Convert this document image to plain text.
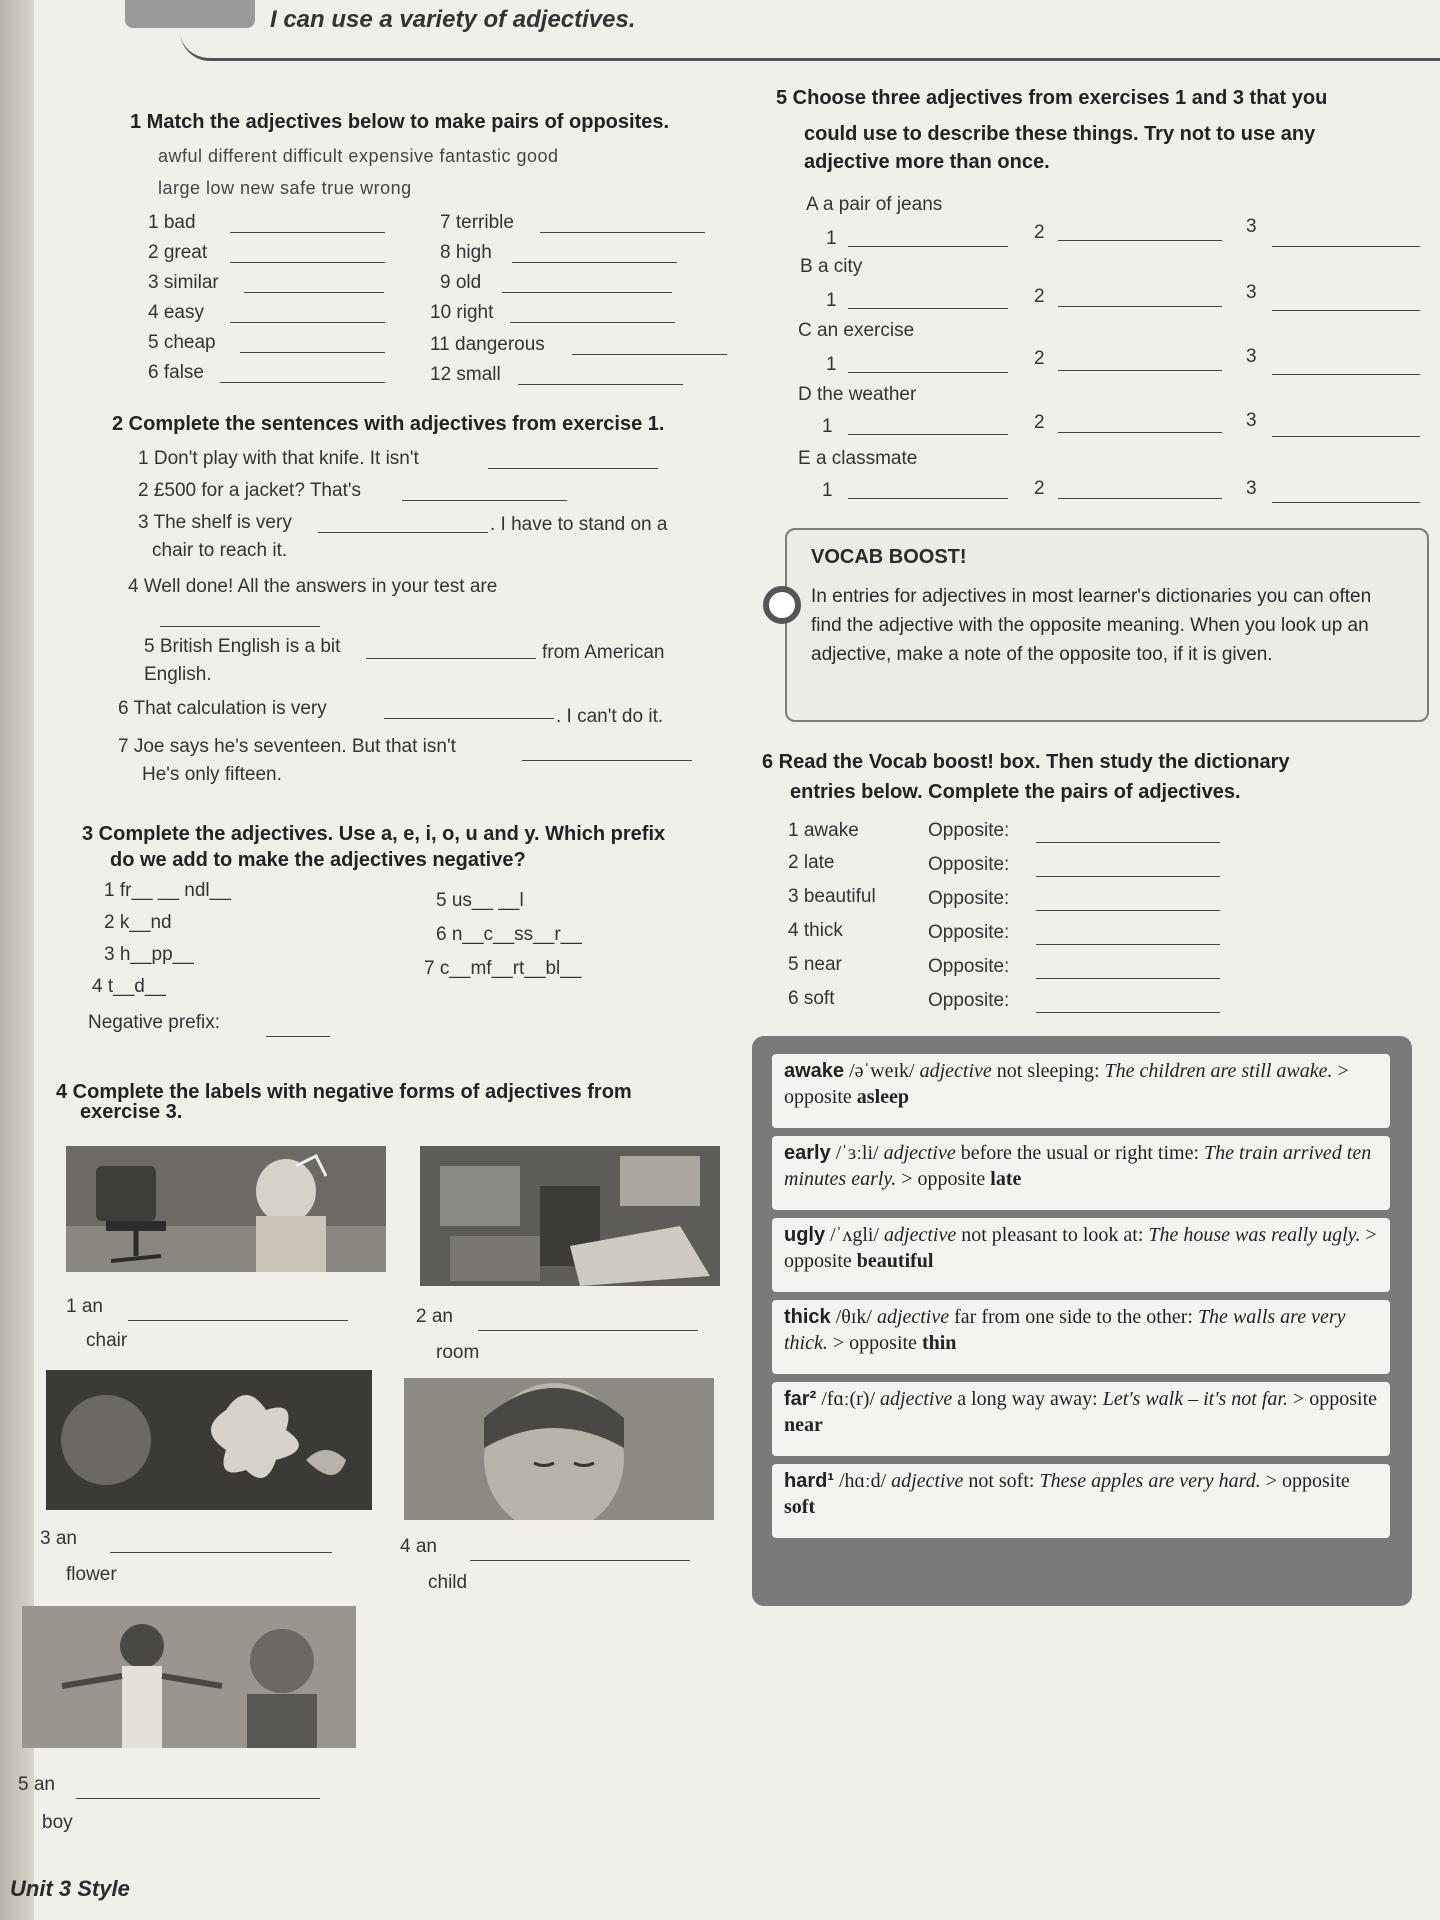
I can use a variety of adjectives.
1 Match the adjectives below to make pairs of opposites.
awful different difficult expensive fantastic good
large low new safe true wrong
1 bad
2 great
3 similar
4 easy
5 cheap
6 false
7 terrible
8 high
9 old
10 right
11 dangerous
12 small
2 Complete the sentences with adjectives from exercise 1.
1 Don't play with that knife. It isn't
2 £500 for a jacket? That's
3 The shelf is very	. I have to stand on a
chair to reach it.
4 Well done! All the answers in your test are
5 British English is a bit	from American
English.
6 That calculation is very	. I can't do it.
7 Joe says he's seventeen. But that isn't
He's only fifteen.
3 Complete the adjectives. Use a, e, i, o, u and y. Which prefix
do we add to make the adjectives negative?
1 fr__ __ ndl__
2 k__nd
3 h__pp__
4 t__d__
5 us__ __l
6 n__c__ss__r__
7 c__mf__rt__bl__
Negative prefix:
4 Complete the labels with negative forms of adjectives from
exercise 3.
1 an
chair
2 an
room
3 an
flower
4 an
child
5 an
boy
5 Choose three adjectives from exercises 1 and 3 that you
could use to describe these things. Try not to use any
adjective more than once.
A a pair of jeans
1	2	3
B a city
1	2	3
C an exercise
1	2	3
D the weather
1	2	3
E a classmate
1	2	3
VOCAB BOOST!
In entries for adjectives in most learner's dictionaries you can often find the adjective with the opposite meaning. When you look up an adjective, make a note of the opposite too, if it is given.
6 Read the Vocab boost! box. Then study the dictionary
entries below. Complete the pairs of adjectives.
1 awake	Opposite:
2 late	Opposite:
3 beautiful	Opposite:
4 thick	Opposite:
5 near	Opposite:
6 soft	Opposite:
awake /əˈweɪk/ adjective not sleeping: The children are still awake. > opposite asleep
early /ˈɜːli/ adjective before the usual or right time: The train arrived ten minutes early. > opposite late
ugly /ˈʌgli/ adjective not pleasant to look at: The house was really ugly. > opposite beautiful
thick /θɪk/ adjective far from one side to the other: The walls are very thick. > opposite thin
far² /fɑː(r)/ adjective a long way away: Let's walk – it's not far. > opposite near
hard¹ /hɑːd/ adjective not soft: These apples are very hard. > opposite soft
Unit 3 Style
